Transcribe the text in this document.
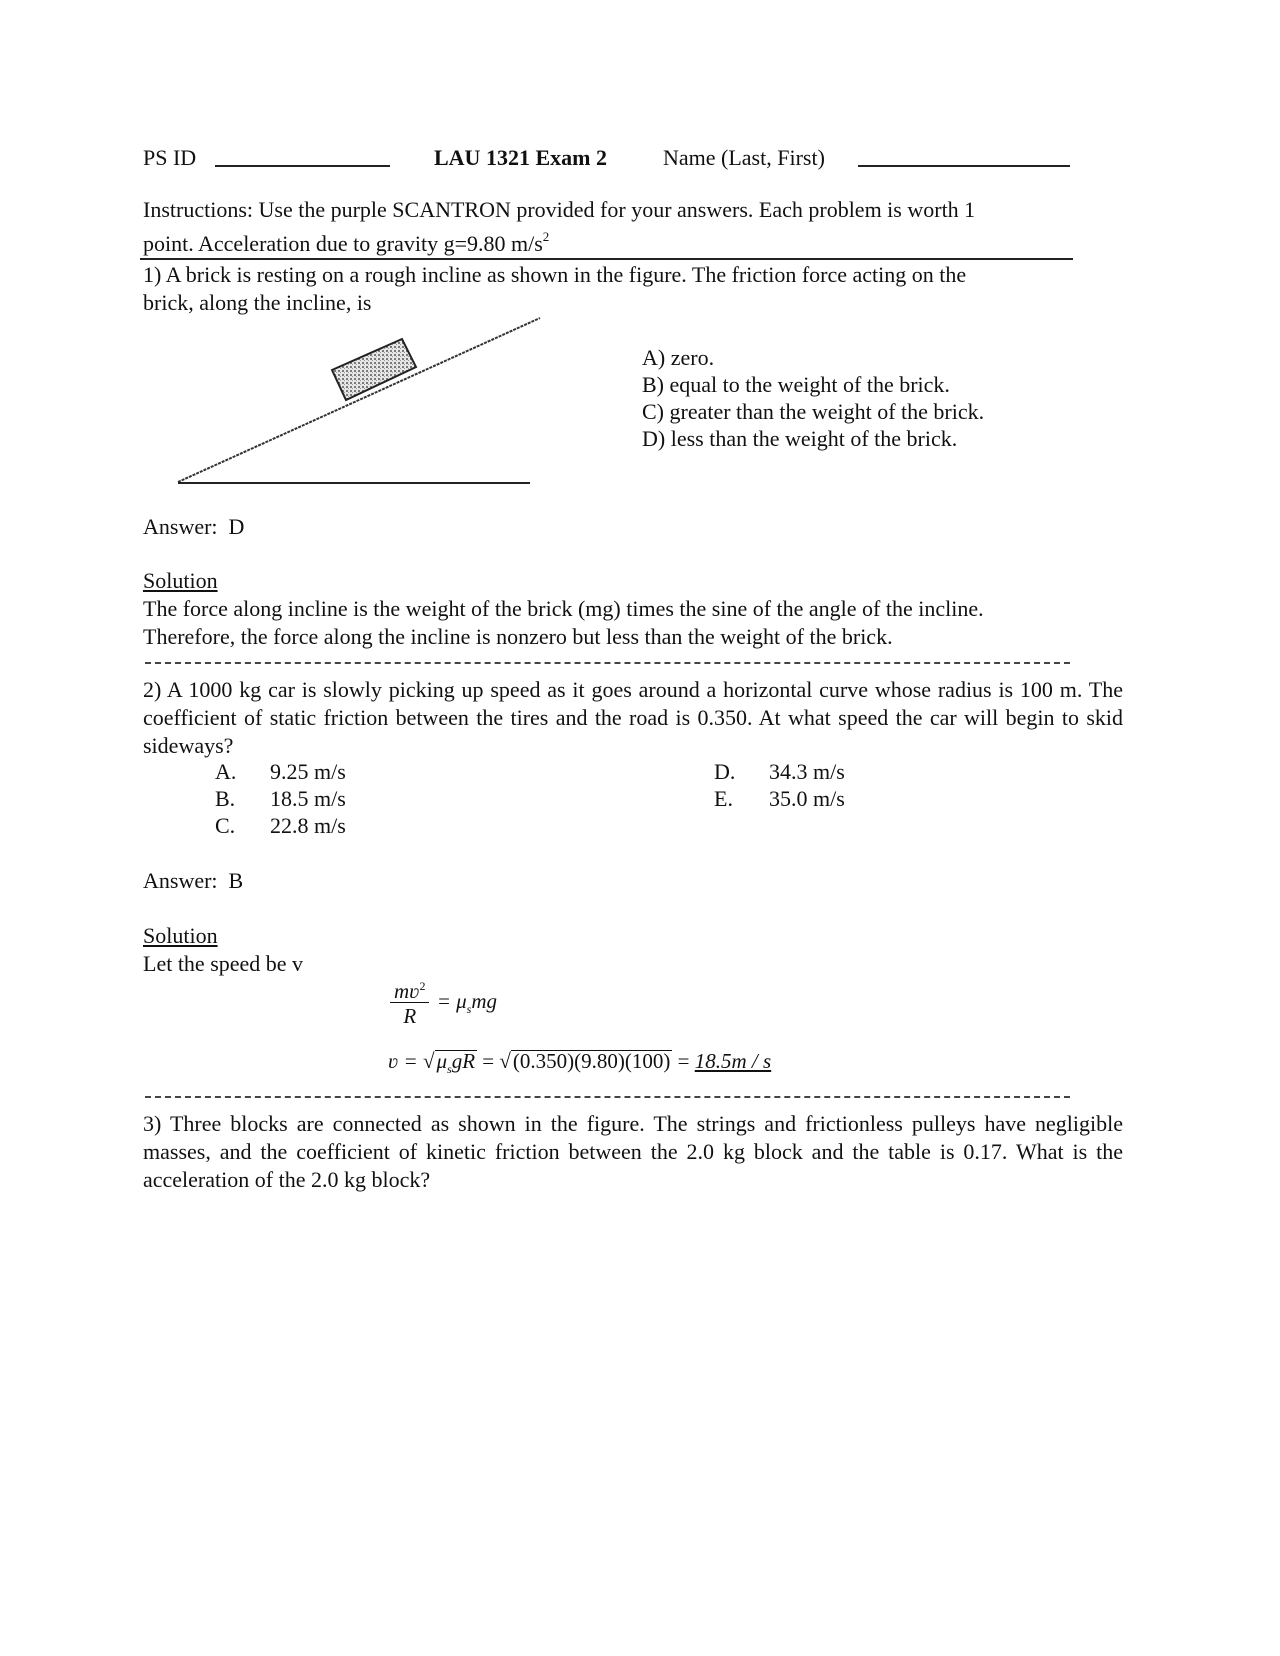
PS ID	LAU 1321 Exam 2	Name (Last, First)
Instructions: Use the purple SCANTRON provided for your answers. Each problem is worth 1
point. Acceleration due to gravity g=9.80 $m/s^2$
1) A brick is resting on a rough incline as shown in the figure. The friction force acting on the
brick, along the incline, is
A) zero.
B) equal to the weight of the brick.
C) greater than the weight of the brick.
D) less than the weight of the brick.
Answer:  D
Solution
The force along incline is the weight of the brick (mg) times the sine of the angle of the incline.
Therefore, the force along the incline is nonzero but less than the weight of the brick.
2) A 1000 kg car is slowly picking up speed as it goes around a horizontal curve whose radius is 100 m. The coefficient of static friction between the tires and the road is 0.350. At what speed the car will begin to skid sideways?
A. 9.25 m/s
B. 18.5 m/s
C. 22.8 m/s
D. 34.3 m/s
E. 35.0 m/s
Answer:  B
Solution
Let the speed be v
$\frac{mʋ^2}{R} = \mu_smg$
ʋ = $√\mu_sgR = √(0.350)(9.80)(100) = 18.5m / s$
3) Three blocks are connected as shown in the figure. The strings and frictionless pulleys have negligible masses, and the coefficient of kinetic friction between the 2.0 kg block and the table is 0.17. What is the acceleration of the 2.0 kg block?
